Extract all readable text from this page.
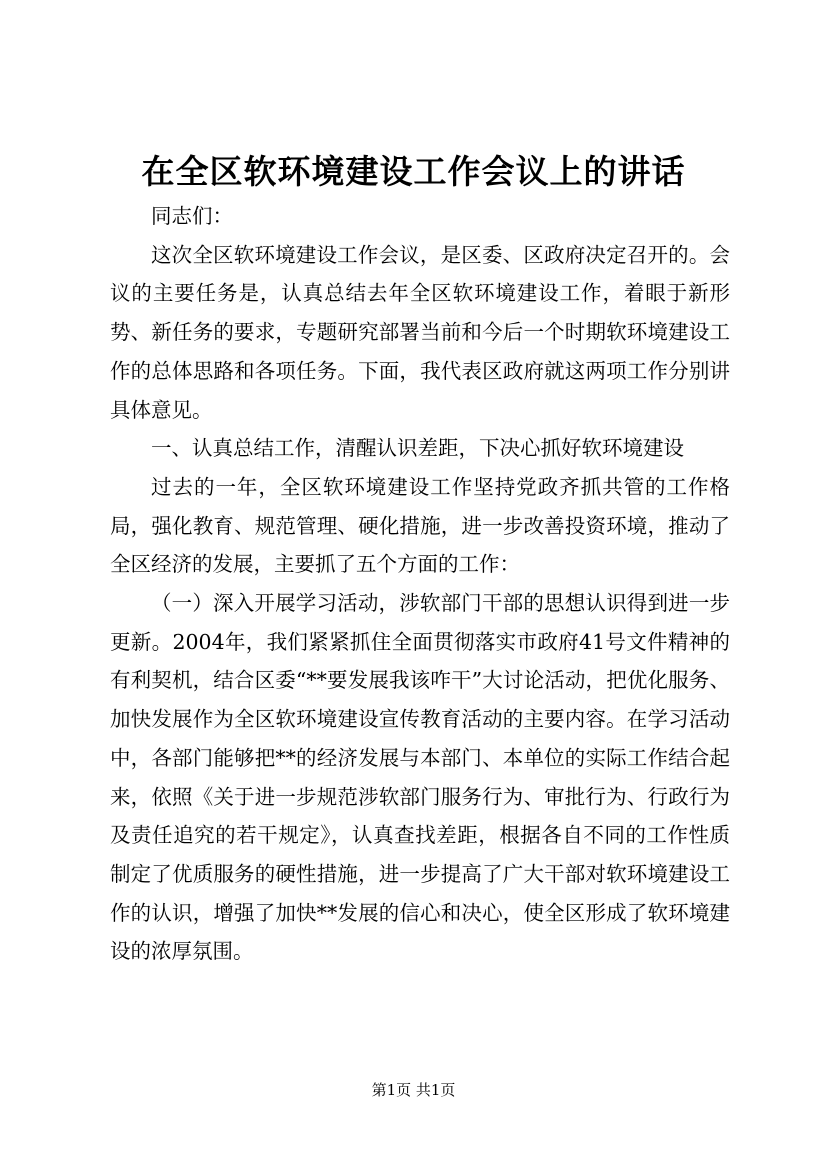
在全区软环境建设工作会议上的讲话

同志们：

这次全区软环境建设工作会议，是区委、区政府决定召开的。会议的主要任务是，认真总结去年全区软环境建设工作，着眼于新形势、新任务的要求，专题研究部署当前和今后一个时期软环境建设工作的总体思路和各项任务。下面，我代表区政府就这两项工作分别讲具体意见。

一、认真总结工作，清醒认识差距，下决心抓好软环境建设

过去的一年，全区软环境建设工作坚持党政齐抓共管的工作格局，强化教育、规范管理、硬化措施，进一步改善投资环境，推动了全区经济的发展，主要抓了五个方面的工作：

（一）深入开展学习活动，涉软部门干部的思想认识得到进一步更新。2004年，我们紧紧抓住全面贯彻落实市政府41号文件精神的有利契机，结合区委“**要发展我该咋干”大讨论活动，把优化服务、加快发展作为全区软环境建设宣传教育活动的主要内容。在学习活动中，各部门能够把**的经济发展与本部门、本单位的实际工作结合起来，依照《关于进一步规范涉软部门服务行为、审批行为、行政行为及责任追究的若干规定》，认真查找差距，根据各自不同的工作性质制定了优质服务的硬性措施，进一步提高了广大干部对软环境建设工作的认识，增强了加快**发展的信心和决心，使全区形成了软环境建设的浓厚氛围。

第1页 共1页
